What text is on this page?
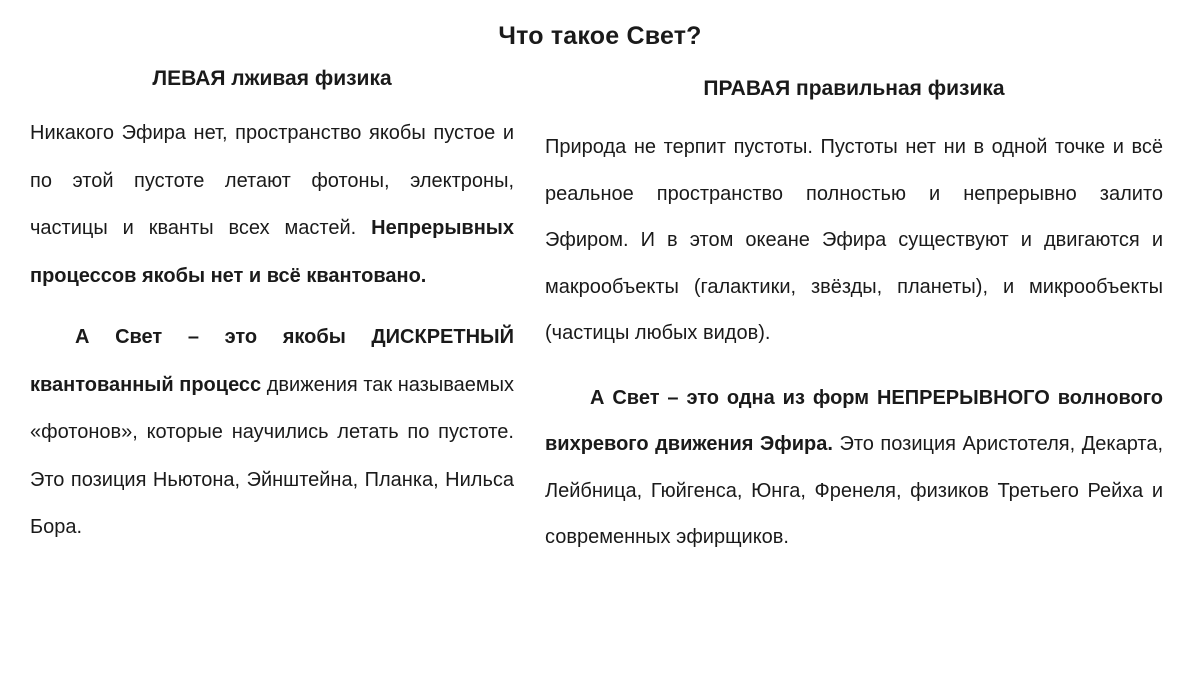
Что такое Свет?
ЛЕВАЯ лживая физика

Никакого Эфира нет, пространство якобы пустое и по этой пустоте летают фотоны, электроны, частицы и кванты всех мастей. Непрерывных процессов якобы нет и всё квантовано.

А Свет – это якобы ДИСКРЕТНЫЙ квантованный процесс движения так называемых «фотонов», которые научились летать по пустоте. Это позиция Ньютона, Эйнштейна, Планка, Нильса Бора.

ПРАВАЯ правильная физика

Природа не терпит пустоты. Пустоты нет ни в одной точке и всё реальное пространство полностью и непрерывно залито Эфиром. И в этом океане Эфира существуют и двигаются и макрообъекты (галактики, звёзды, планеты), и микрообъекты (частицы любых видов).

А Свет – это одна из форм НЕПРЕРЫВНОГО волнового вихревого движения Эфира. Это позиция Аристотеля, Декарта, Лейбница, Гюйгенса, Юнга, Френеля, физиков Третьего Рейха и современных эфирщиков.
